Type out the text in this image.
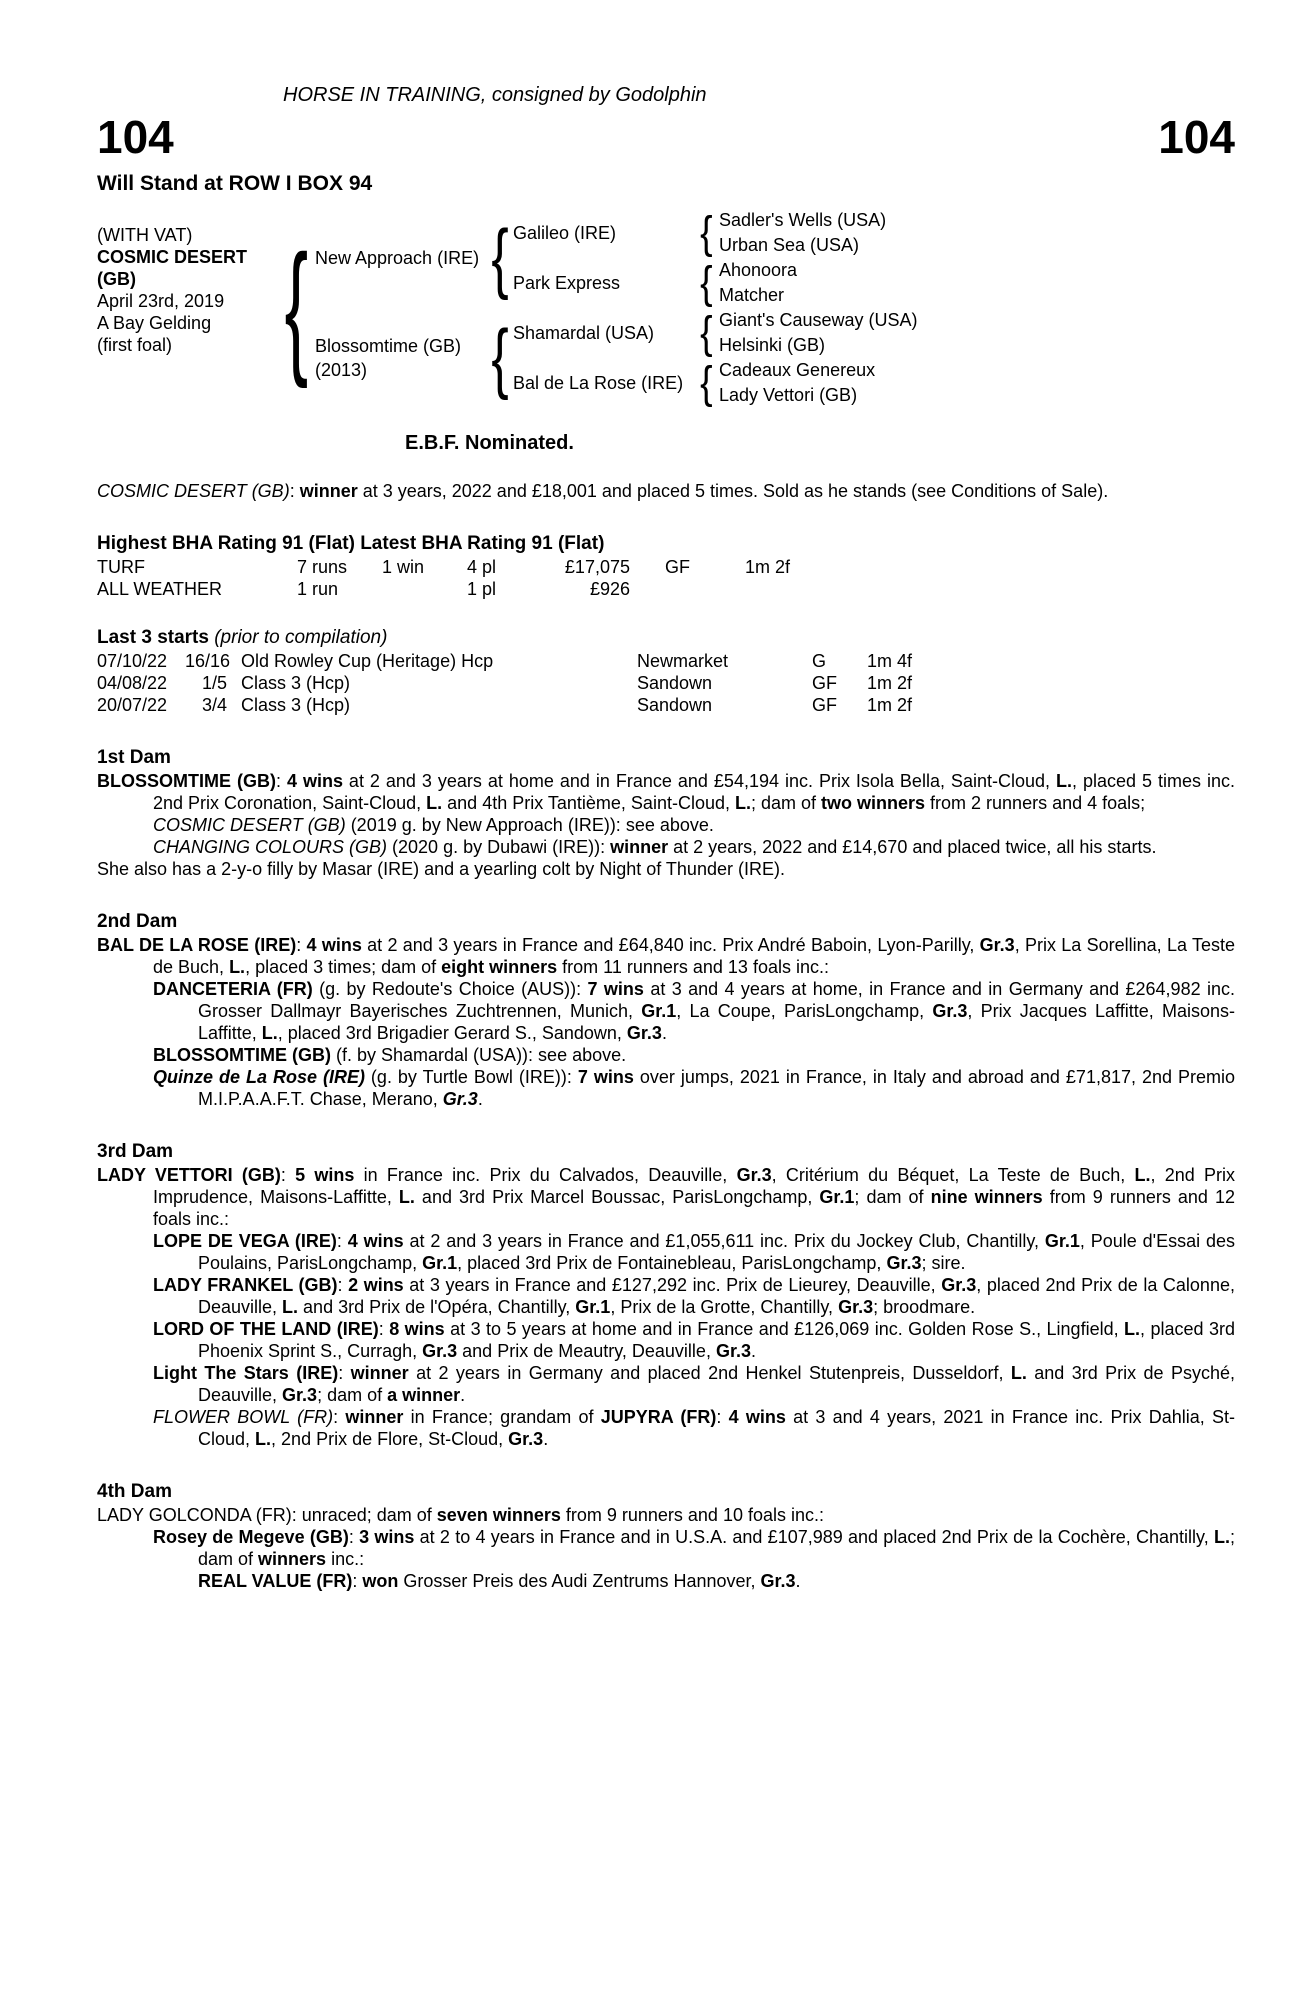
HORSE IN TRAINING, consigned by Godolphin
104	104
Will Stand at ROW I BOX 94
(WITH VAT)
COSMIC DESERT
(GB)
April 23rd, 2019
A Bay Gelding
(first foal) { New Approach (IRE)
Blossomtime (GB)
(2013)
{
{
Galileo (IRE)
Park Express
Shamardal (USA)
Bal de La Rose (IRE)
{
{
{
{
Sadler's Wells (USA)
Urban Sea (USA)
Ahonoora
Matcher
Giant's Causeway (USA)
Helsinki (GB)
Cadeaux Genereux
Lady Vettori (GB)
E.B.F. Nominated.
COSMIC DESERT (GB): winner at 3 years, 2022 and £18,001 and placed 5 times. Sold as he stands (see Conditions of Sale).
Highest BHA Rating 91 (Flat) Latest BHA Rating 91 (Flat)
TURF	7 runs	1 win	4 pl	£17,075 GF	1m 2f
ALL WEATHER	1 run	1 pl	£926
Last 3 starts (prior to compilation)
07/10/22 16/16 Old Rowley Cup (Heritage) Hcp	Newmarket	G	1m 4f
04/08/22	1/5 Class 3 (Hcp)	Sandown	GF	1m 2f
20/07/22	3/4 Class 3 (Hcp)	Sandown	GF	1m 2f
1st Dam
BLOSSOMTIME (GB): 4 wins at 2 and 3 years at home and in France and £54,194 inc. Prix Isola Bella, Saint-Cloud, L., placed 5 times inc. 2nd Prix Coronation, Saint-Cloud, L. and 4th Prix Tantième, Saint-Cloud, L.; dam of two winners from 2 runners and 4 foals;
COSMIC DESERT (GB) (2019 g. by New Approach (IRE)): see above.
CHANGING COLOURS (GB) (2020 g. by Dubawi (IRE)): winner at 2 years, 2022 and £14,670 and placed twice, all his starts.
She also has a 2-y-o filly by Masar (IRE) and a yearling colt by Night of Thunder (IRE).
2nd Dam
BAL DE LA ROSE (IRE): 4 wins at 2 and 3 years in France and £64,840 inc. Prix André Baboin, Lyon-Parilly, Gr.3, Prix La Sorellina, La Teste de Buch, L., placed 3 times; dam of eight winners from 11 runners and 13 foals inc.:
DANCETERIA (FR) (g. by Redoute's Choice (AUS)): 7 wins at 3 and 4 years at home, in France and in Germany and £264,982 inc. Grosser Dallmayr Bayerisches Zuchtrennen, Munich, Gr.1, La Coupe, ParisLongchamp, Gr.3, Prix Jacques Laffitte, Maisons-Laffitte, L., placed 3rd Brigadier Gerard S., Sandown, Gr.3.
BLOSSOMTIME (GB) (f. by Shamardal (USA)): see above.
Quinze de La Rose (IRE) (g. by Turtle Bowl (IRE)): 7 wins over jumps, 2021 in France, in Italy and abroad and £71,817, 2nd Premio M.I.P.A.A.F.T. Chase, Merano, Gr.3.
3rd Dam
LADY VETTORI (GB): 5 wins in France inc. Prix du Calvados, Deauville, Gr.3, Critérium du Béquet, La Teste de Buch, L., 2nd Prix Imprudence, Maisons-Laffitte, L. and 3rd Prix Marcel Boussac, ParisLongchamp, Gr.1; dam of nine winners from 9 runners and 12 foals inc.:
LOPE DE VEGA (IRE): 4 wins at 2 and 3 years in France and £1,055,611 inc. Prix du Jockey Club, Chantilly, Gr.1, Poule d'Essai des Poulains, ParisLongchamp, Gr.1, placed 3rd Prix de Fontainebleau, ParisLongchamp, Gr.3; sire.
LADY FRANKEL (GB): 2 wins at 3 years in France and £127,292 inc. Prix de Lieurey, Deauville, Gr.3, placed 2nd Prix de la Calonne, Deauville, L. and 3rd Prix de l'Opéra, Chantilly, Gr.1, Prix de la Grotte, Chantilly, Gr.3; broodmare.
LORD OF THE LAND (IRE): 8 wins at 3 to 5 years at home and in France and £126,069 inc. Golden Rose S., Lingfield, L., placed 3rd Phoenix Sprint S., Curragh, Gr.3 and Prix de Meautry, Deauville, Gr.3.
Light The Stars (IRE): winner at 2 years in Germany and placed 2nd Henkel Stutenpreis, Dusseldorf, L. and 3rd Prix de Psyché, Deauville, Gr.3; dam of a winner.
FLOWER BOWL (FR): winner in France; grandam of JUPYRA (FR): 4 wins at 3 and 4 years, 2021 in France inc. Prix Dahlia, St-Cloud, L., 2nd Prix de Flore, St-Cloud, Gr.3.
4th Dam
LADY GOLCONDA (FR): unraced; dam of seven winners from 9 runners and 10 foals inc.:
Rosey de Megeve (GB): 3 wins at 2 to 4 years in France and in U.S.A. and £107,989 and placed 2nd Prix de la Cochère, Chantilly, L.; dam of winners inc.:
REAL VALUE (FR): won Grosser Preis des Audi Zentrums Hannover, Gr.3.
